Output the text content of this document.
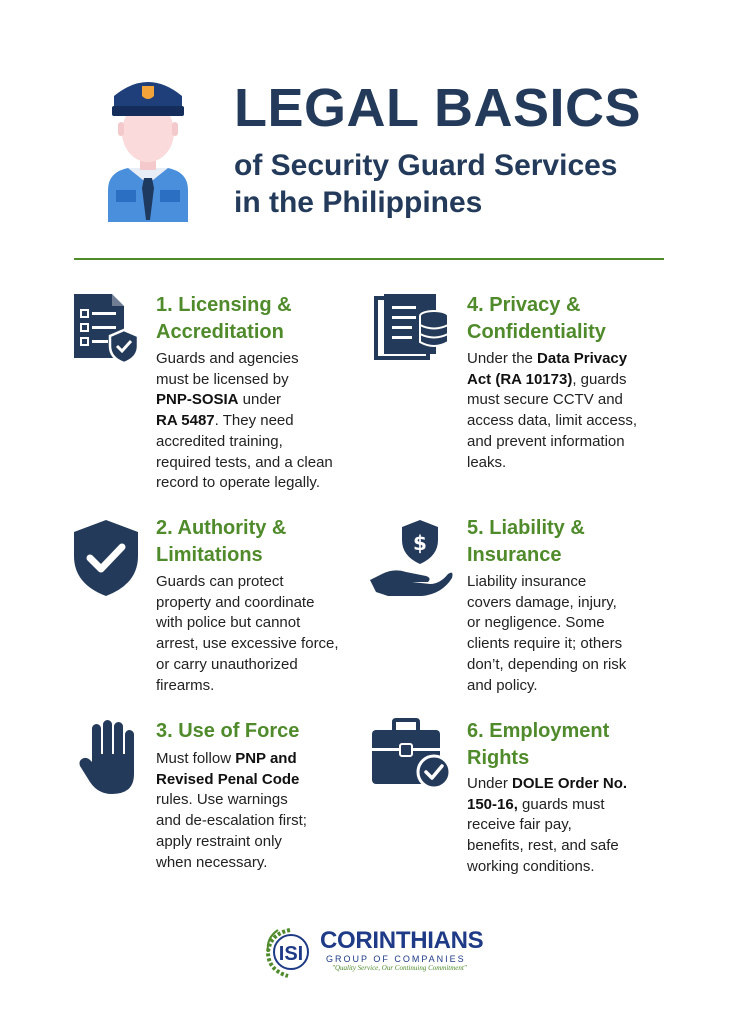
LEGAL BASICS
of Security Guard Services
in the Philippines
1. Licensing &
Accreditation
Guards and agencies
must be licensed by
PNP-SOSIA under
RA 5487. They need
accredited training,
required tests, and a clean
record to operate legally.
2. Authority &
Limitations
Guards can protect
property and coordinate
with police but cannot
arrest, use excessive force,
or carry unauthorized
firearms.
3. Use of Force
Must follow PNP and
Revised Penal Code
rules. Use warnings
and de-escalation first;
apply restraint only
when necessary.
4. Privacy &
Confidentiality
Under the Data Privacy
Act (RA 10173), guards
must secure CCTV and
access data, limit access,
and prevent information
leaks.
$
5. Liability &
Insurance
Liability insurance
covers damage, injury,
or negligence. Some
clients require it; others
don’t, depending on risk
and policy.
6. Employment
Rights
Under DOLE Order No.
150-16, guards must
receive fair pay,
benefits, rest, and safe
working conditions.
ISI CORINTHIANS
GROUP OF COMPANIES
"Quality Service, Our Continuing Commitment"
